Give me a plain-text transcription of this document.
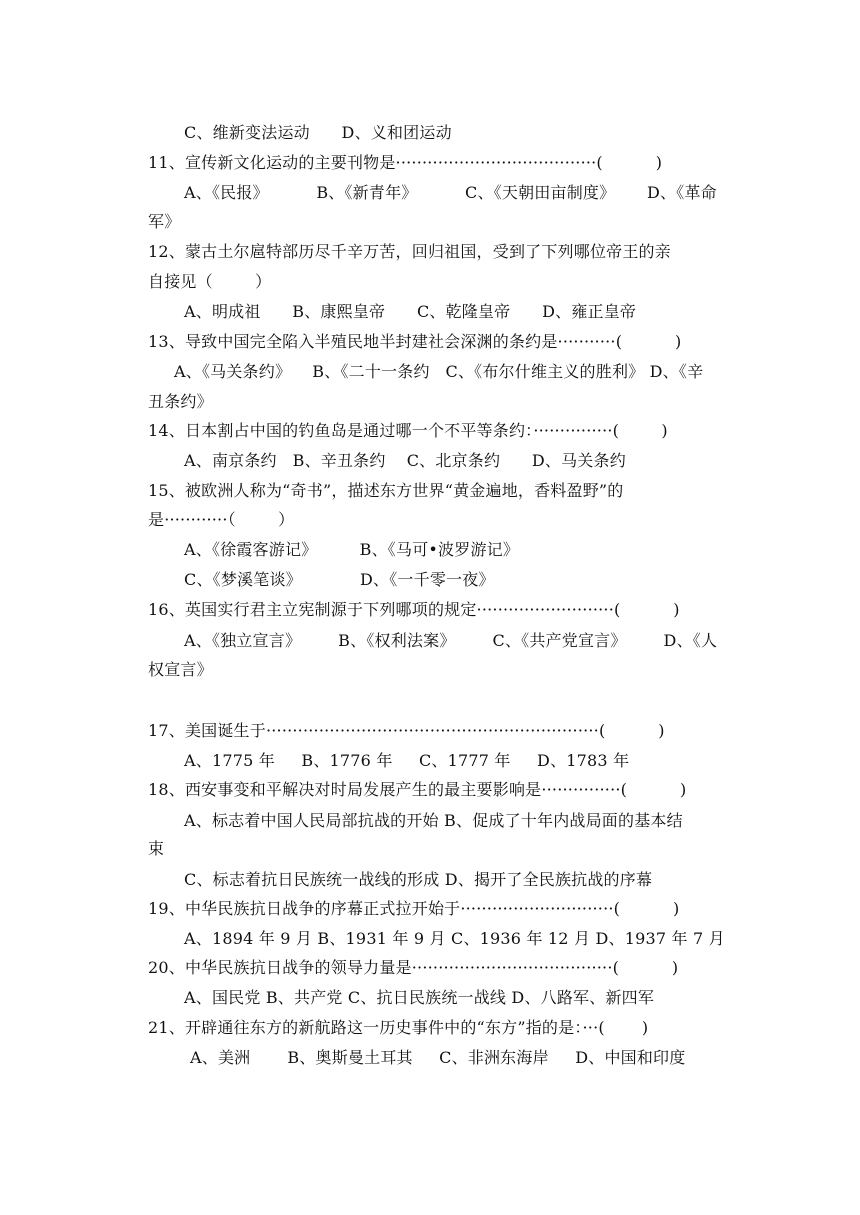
C、维新变法运动      D、义和团运动
11、宣传新文化运动的主要刊物是······································(          )
A、《民报》         B、《新青年》         C、《天朝田亩制度》      D、《革命
军》
12、蒙古土尔扈特部历尽千辛万苦，回归祖国，受到了下列哪位帝王的亲
自接见（        ）
A、明成祖      B、康熙皇帝      C、乾隆皇帝      D、雍正皇帝
13、导致中国完全陷入半殖民地半封建社会深渊的条约是···········(          )
A、《马关条约》    B、《二十一条约   C、《布尔什维主义的胜利》 D、《辛
丑条约》
14、日本割占中国的钓鱼岛是通过哪一个不平等条约：···············(        )
A、南京条约   B、辛丑条约    C、北京条约      D、马关条约
15、被欧洲人称为“奇书”，描述东方世界“黄金遍地，香料盈野”的
是············（        ）
A、《徐霞客游记》        B、《马可•波罗游记》
C、《梦溪笔谈》           D、《一千零一夜》
16、英国实行君主立宪制源于下列哪项的规定··························(          )
A、《独立宣言》       B、《权利法案》       C、《共产党宣言》       D、《人
权宣言》
17、美国诞生于·······························································(          )
A、1775 年     B、1776 年     C、1777 年     D、1783 年
18、西安事变和平解决对时局发展产生的最主要影响是···············(          )
A、标志着中国人民局部抗战的开始 B、促成了十年内战局面的基本结
束
C、标志着抗日民族统一战线的形成 D、揭开了全民族抗战的序幕
19、中华民族抗日战争的序幕正式拉开始于·····························(          )
A、1894 年 9 月 B、1931 年 9 月 C、1936 年 12 月 D、1937 年 7 月
20、中华民族抗日战争的领导力量是······································(          )
A、国民党 B、共产党 C、抗日民族统一战线 D、八路军、新四军
21、开辟通往东方的新航路这一历史事件中的“东方”指的是：···(       )
A、美洲       B、奥斯曼土耳其     C、非洲东海岸     D、中国和印度
